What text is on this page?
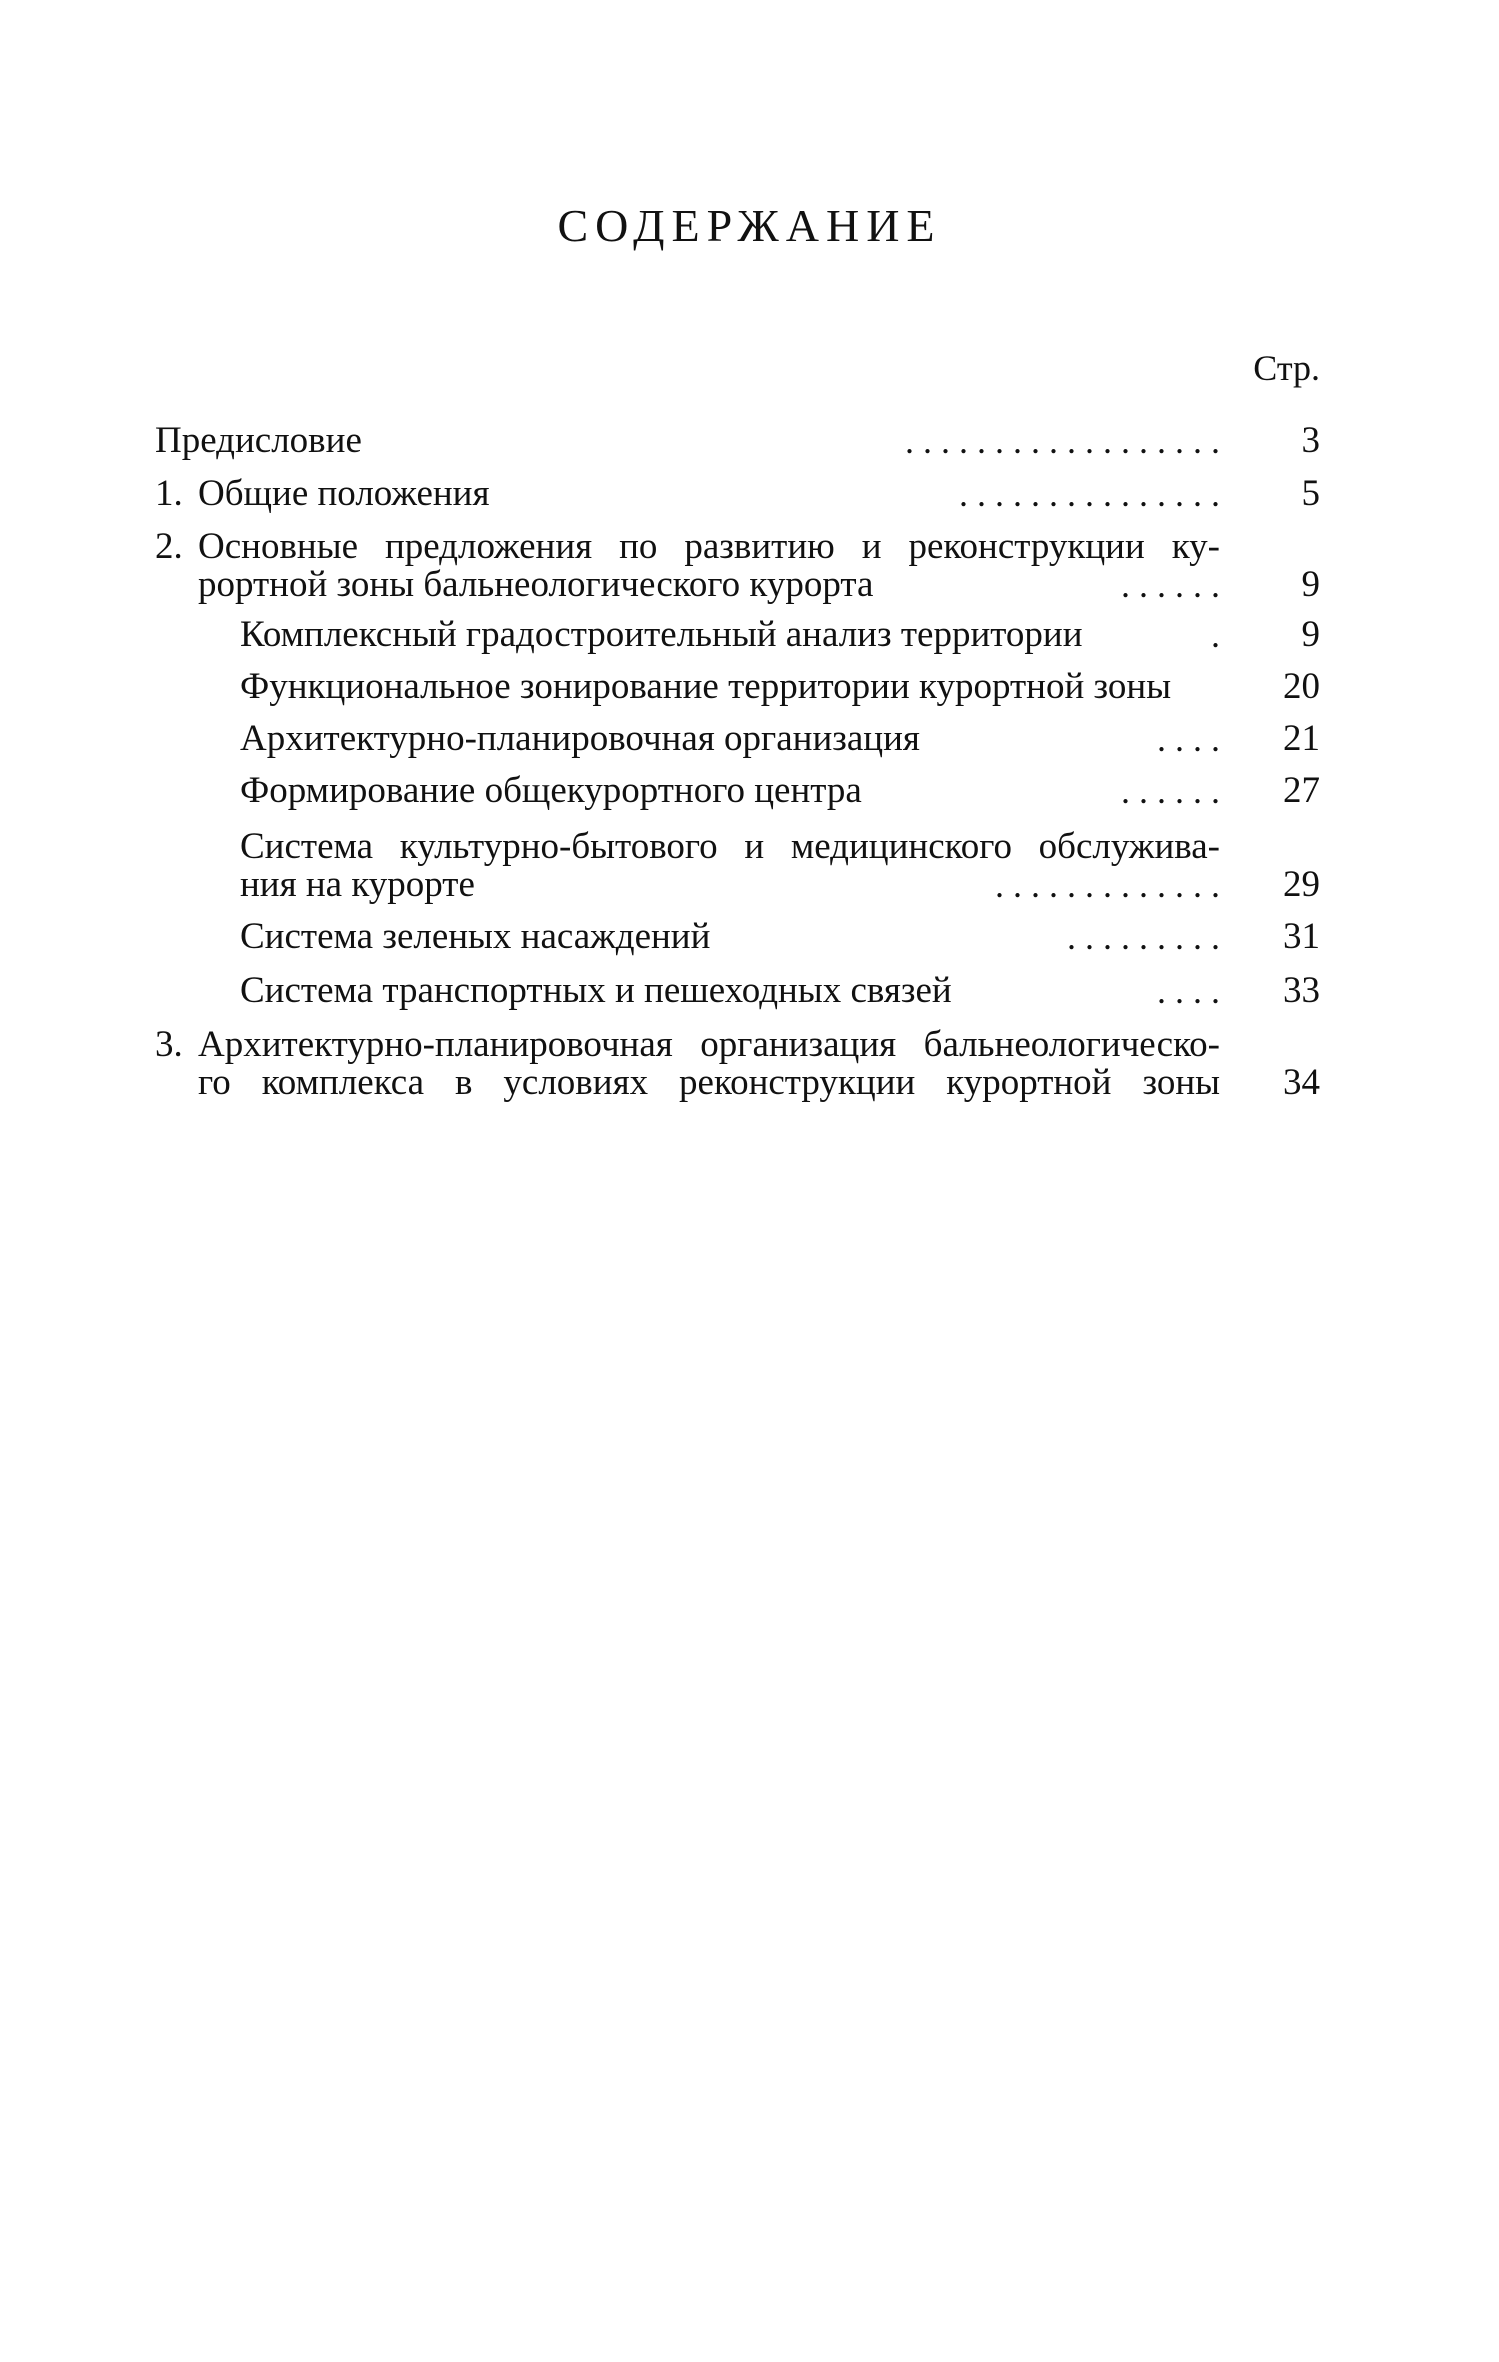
СОДЕРЖАНИЕ
Стр.
Предисловие	. . . . . . . . . . . . . . . . . .	3
1. Общие положения	. . . . . . . . . . . . . . .	5
2. Основные предложения по развитию и реконструкции ку-
рортной зоны бальнеологического курорта	. . . . . .	9
Комплексный градостроительный анализ территории	.	9
Функциональное зонирование территории курортной зоны	20
Архитектурно-планировочная организация	. . . .	21
Формирование общекурортного центра	. . . . . .	27
Система культурно-бытового и медицинского обслужива-
ния на курорте	. . . . . . . . . . . . .	29
Система зеленых насаждений	. . . . . . . . .	31
Система транспортных и пешеходных связей	. . . .	33
3. Архитектурно-планировочная организация бальнеологическо-
го комплекса в условиях реконструкции курортной зоны	34
